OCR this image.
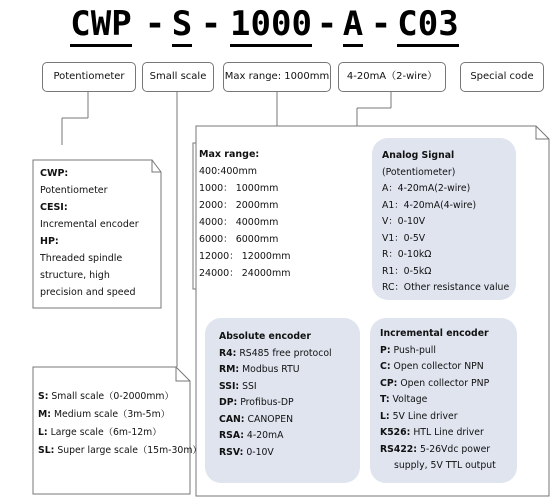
CWP - S - 1000 - A - C03
Potentiometer	Small scale	Max range: 1000mm	4-20mA（2-wire）	Special code
CWP:
Potentiometer
CESI:
Incremental encoder
HP:
Threaded spindle
structure, high
precision and speed
Max range:
400:400mm
1000： 1000mm
2000： 2000mm
4000： 4000mm
6000： 6000mm
12000： 12000mm
24000： 24000mm
S: Small scale（0-2000mm）
M: Medium scale（3m-5m）
L: Large scale（6m-12m）
SL: Super large scale（15m-30m）
Analog Signal
(Potentiometer)
A：4-20mA(2-wire)
A1：4-20mA(4-wire)
V：0-10V
V1：0-5V
R：0-10kΩ
R1：0-5kΩ
RC：Other resistance value
Absolute encoder
R4: RS485 free protocol
RM: Modbus RTU
SSI: SSI
DP: Profibus-DP
CAN: CANOPEN
RSA: 4-20mA
RSV: 0-10V
Incremental encoder
P: Push-pull
C: Open collector NPN
CP: Open collector PNP
T: Voltage
L: 5V Line driver
K526: HTL Line driver
RS422: 5-26Vdc power
supply, 5V TTL output
